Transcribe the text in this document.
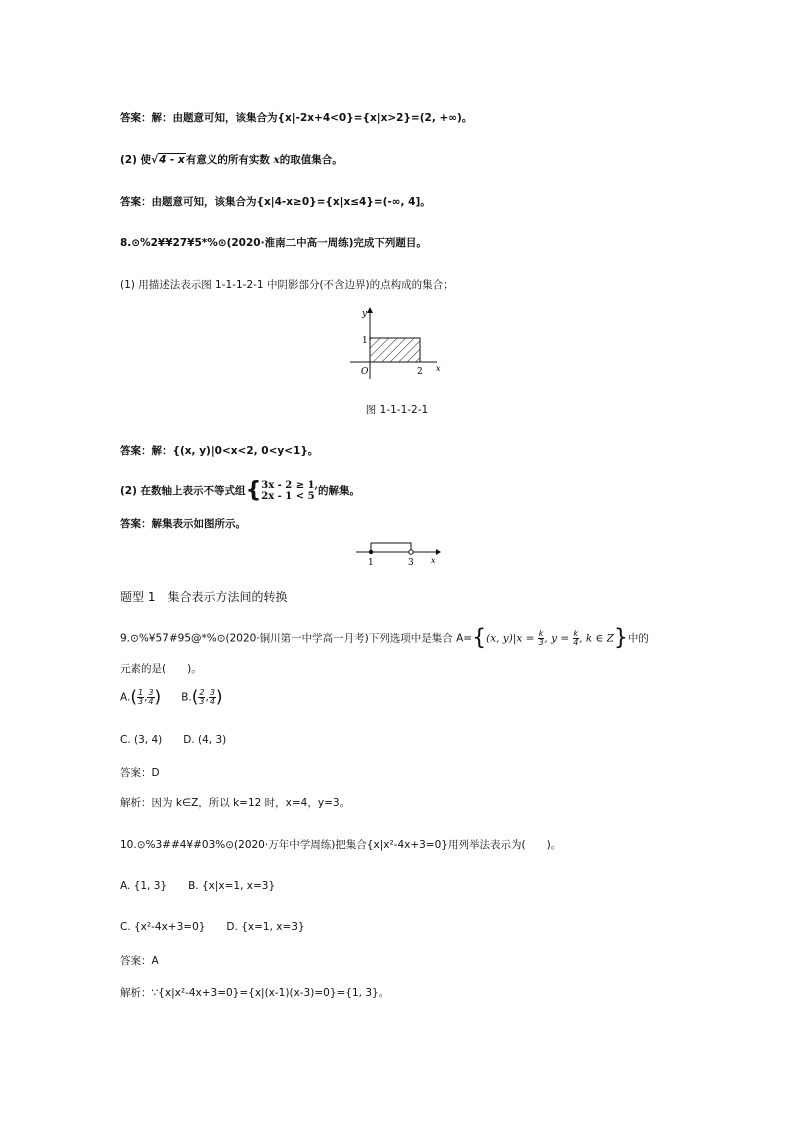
答案：解：由题意可知，该集合为{x|-2x+4<0}={x|x>2}=(2, +∞)。
(2) 使√4 - x有意义的所有实数 x的取值集合。
答案：由题意可知，该集合为{x|4-x≥0}={x|x≤4}=(-∞, 4]。
8.⊙%2¥¥27¥5*%⊙(2020·淮南二中高一周练)完成下列题目。
(1) 用描述法表示图 1-1-1-2-1 中阴影部分(不含边界)的点构成的集合；
y
1
O	2 x
图 1-1-1-2-1
答案：解：{(x, y)|0<x<2, 0<y<1}。
(2) 在数轴上表示不等式组{ 3x - 2 ≥ 1,
2x - 1 < 5 的解集。
答案：解集表示如图所示。
1	3 x
题型 1　集合表示方法间的转换
9.⊙%¥57#95@*%⊙(2020·铜川第一中学高一月考)下列选项中是集合 A={(x, $y)|x = \frac{k}{3}$ , $y = \frac{k}{4}$ , k ∈ Z}中的
元素的是(　　)。
$A.( \frac{1}{3}$ , $\frac{3}{4}$ ) $B.( \frac{2}{3}$ , $\frac{3}{4}$ )
C. (3, 4)　　D. (4, 3)
答案：D
解析：因为 k∈Z，所以 k=12 时，x=4，y=3。
10.⊙%3##4¥#03%⊙(2020·万年中学周练)把集合{x|x²-4x+3=0}用列举法表示为(　　)。
A. {1, 3}　　B. {x|x=1, x=3}
C. {x²-4x+3=0}　　D. {x=1, x=3}
答案：A
解析：∵{x|x²-4x+3=0}={x|(x-1)(x-3)=0}={1, 3}。
